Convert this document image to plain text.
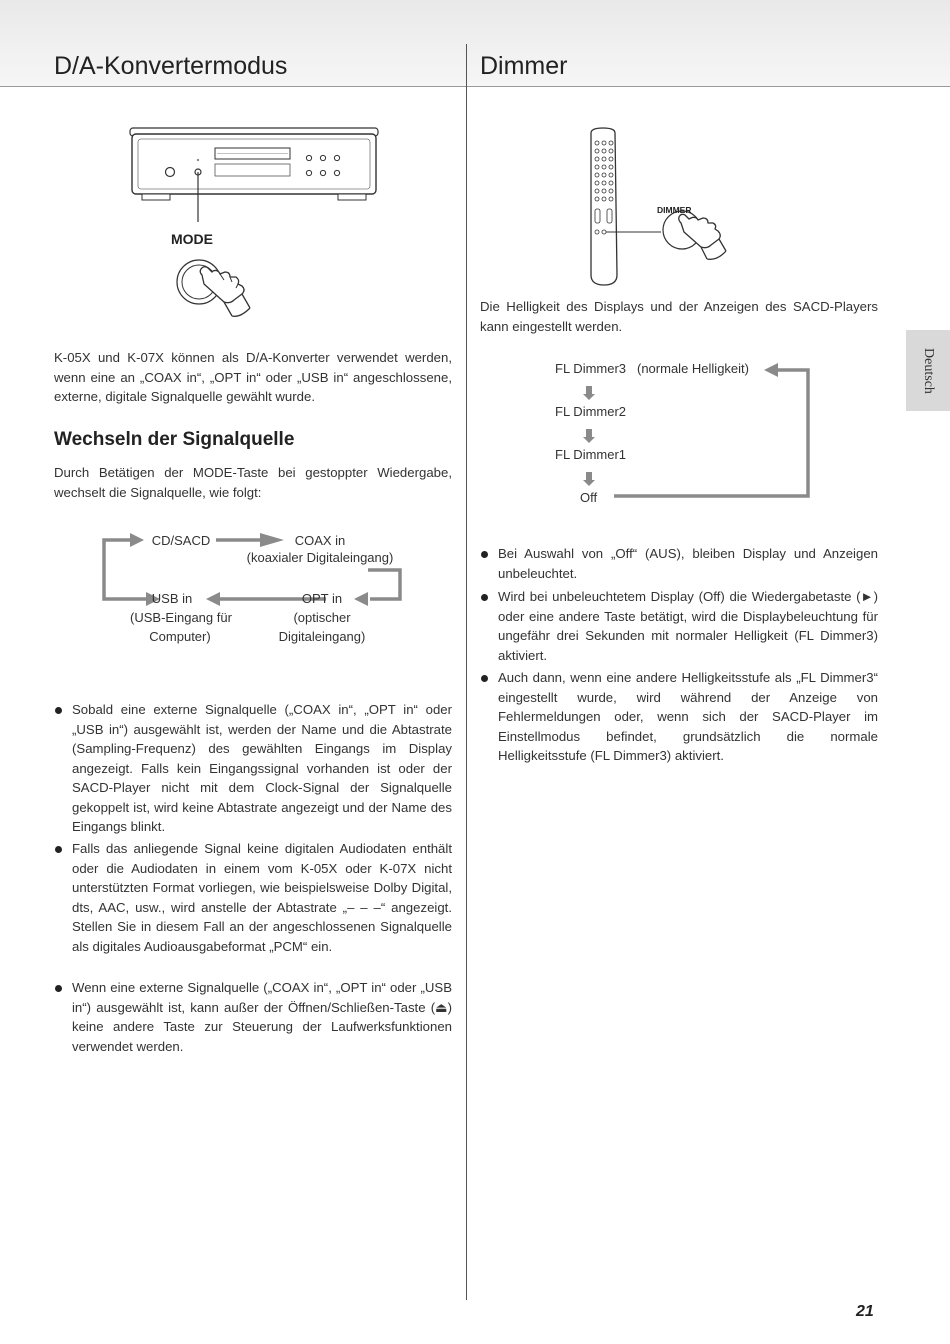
D/A-Konvertermodus
MODE

K-05X und K-07X können als D/A-Konverter verwendet werden, wenn eine an „COAX in“, „OPT in“ oder „USB in“ angeschlossene, externe, digitale Signalquelle gewählt wurde.

Wechseln der Signalquelle

Durch Betätigen der MODE-Taste bei gestoppter Wiedergabe, wechselt die Signalquelle, wie folgt:

CD/SACD	COAX in
(koaxialer Digitaleingang)
USB in
(USB-Eingang für
Computer)
OPT in
(optischer
Digitaleingang)
Sobald eine externe Signalquelle („COAX in“, „OPT in“ oder „USB in“) ausgewählt ist, werden der Name und die Abtastrate (Sampling-Frequenz) des gewählten Eingangs im Display angezeigt. Falls kein Eingangssignal vorhanden ist oder der SACD-Player nicht mit dem Clock-Signal der Signalquelle gekoppelt ist, wird keine Abtastrate angezeigt und der Name des Eingangs blinkt.
Falls das anliegende Signal keine digitalen Audiodaten enthält oder die Audiodaten in einem vom K-05X oder K-07X nicht unterstützten Format vorliegen, wie beispielsweise Dolby Digital, dts, AAC, usw., wird anstelle der Abtastrate „– – –“ angezeigt. Stellen Sie in diesem Fall an der angeschlossenen Signalquelle als digitales Audioausgabeformat „PCM“ ein.
Wenn eine externe Signalquelle („COAX in“, „OPT in“ oder „USB in“) ausgewählt ist, kann außer der Öffnen/Schließen-Taste (⏏) keine andere Taste zur Steuerung der Laufwerksfunktionen verwendet werden.
Dimmer
DIMMER

Die Helligkeit des Displays und der Anzeigen des SACD-Players kann eingestellt werden.

FL Dimmer3 (normale Helligkeit)
FL Dimmer2
FL Dimmer1
Off
Bei Auswahl von „Off“ (AUS), bleiben Display und Anzeigen unbeleuchtet.
Wird bei unbeleuchtetem Display (Off) die Wiedergabetaste (►) oder eine andere Taste betätigt, wird die Displaybeleuchtung für ungefähr drei Sekunden mit normaler Helligkeit (FL Dimmer3) aktiviert.
Auch dann, wenn eine andere Helligkeitsstufe als „FL Dimmer3“ eingestellt wurde, wird während der Anzeige von Fehlermeldungen oder, wenn sich der SACD-Player im Einstellmodus befindet, grundsätzlich die normale Helligkeitsstufe (FL Dimmer3) aktiviert.
Deutsch
21
